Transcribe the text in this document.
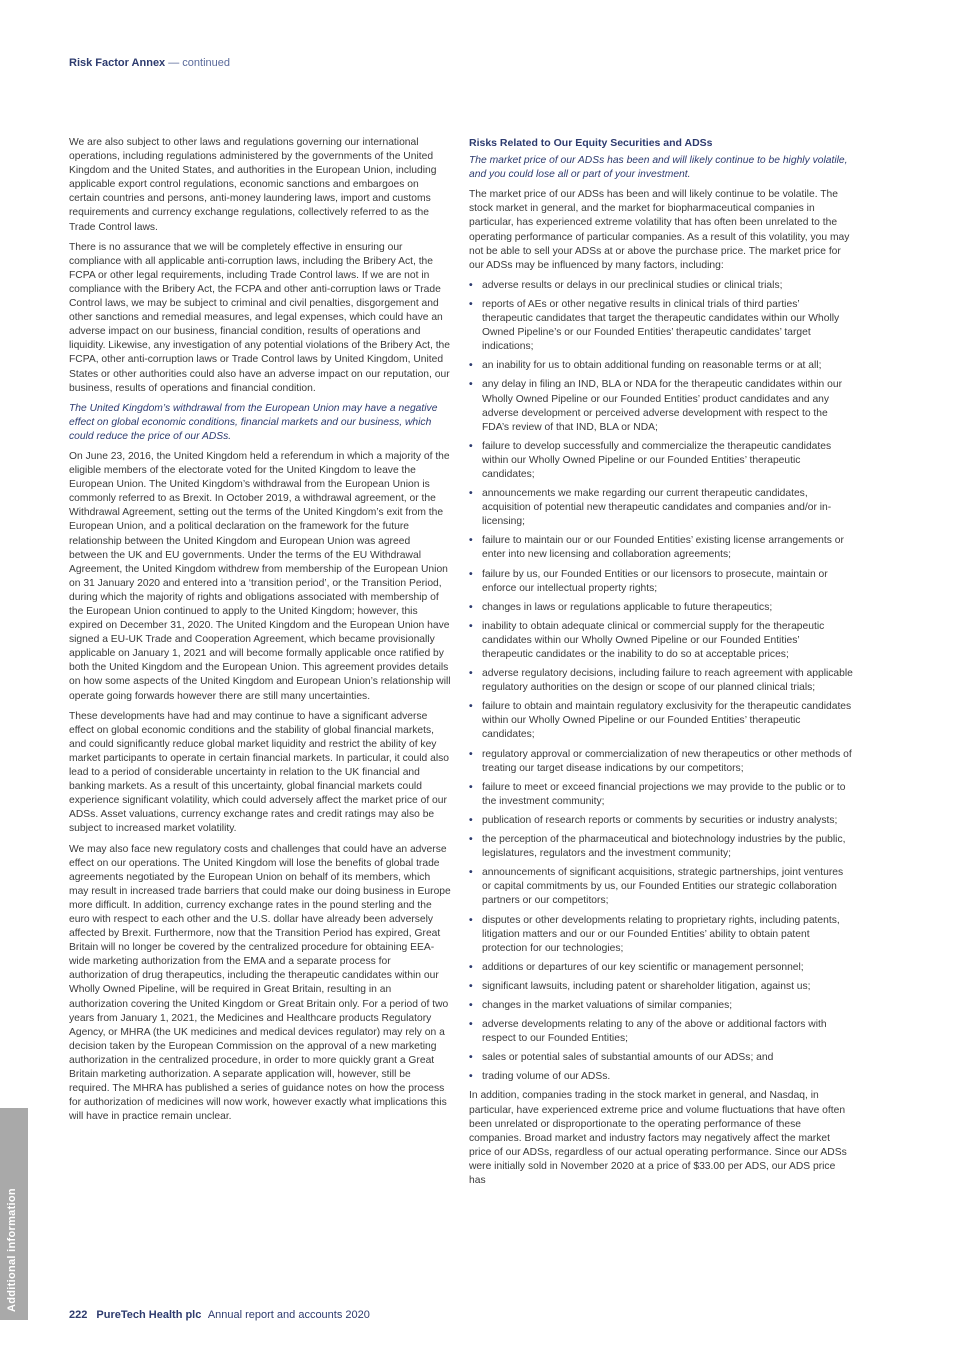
Risk Factor Annex — continued

We are also subject to other laws and regulations governing our international operations, including regulations administered by the governments of the United Kingdom and the United States, and authorities in the European Union, including applicable export control regulations, economic sanctions and embargoes on certain countries and persons, anti-money laundering laws, import and customs requirements and currency exchange regulations, collectively referred to as the Trade Control laws.

There is no assurance that we will be completely effective in ensuring our compliance with all applicable anti-corruption laws, including the Bribery Act, the FCPA or other legal requirements, including Trade Control laws. If we are not in compliance with the Bribery Act, the FCPA and other anti-corruption laws or Trade Control laws, we may be subject to criminal and civil penalties, disgorgement and other sanctions and remedial measures, and legal expenses, which could have an adverse impact on our business, financial condition, results of operations and liquidity. Likewise, any investigation of any potential violations of the Bribery Act, the FCPA, other anti-corruption laws or Trade Control laws by United Kingdom, United States or other authorities could also have an adverse impact on our reputation, our business, results of operations and financial condition.

The United Kingdom’s withdrawal from the European Union may have a negative effect on global economic conditions, financial markets and our business, which could reduce the price of our ADSs.

On June 23, 2016, the United Kingdom held a referendum in which a majority of the eligible members of the electorate voted for the United Kingdom to leave the European Union. The United Kingdom’s withdrawal from the European Union is commonly referred to as Brexit. In October 2019, a withdrawal agreement, or the Withdrawal Agreement, setting out the terms of the United Kingdom’s exit from the European Union, and a political declaration on the framework for the future relationship between the United Kingdom and European Union was agreed between the UK and EU governments. Under the terms of the EU Withdrawal Agreement, the United Kingdom withdrew from membership of the European Union on 31 January 2020 and entered into a ‘transition period’, or the Transition Period, during which the majority of rights and obligations associated with membership of the European Union continued to apply to the United Kingdom; however, this expired on December 31, 2020. The United Kingdom and the European Union have signed a EU-UK Trade and Cooperation Agreement, which became provisionally applicable on January 1, 2021 and will become formally applicable once ratified by both the United Kingdom and the European Union. This agreement provides details on how some aspects of the United Kingdom and European Union’s relationship will operate going forwards however there are still many uncertainties.

These developments have had and may continue to have a significant adverse effect on global economic conditions and the stability of global financial markets, and could significantly reduce global market liquidity and restrict the ability of key market participants to operate in certain financial markets. In particular, it could also lead to a period of considerable uncertainty in relation to the UK financial and banking markets. As a result of this uncertainty, global financial markets could experience significant volatility, which could adversely affect the market price of our ADSs. Asset valuations, currency exchange rates and credit ratings may also be subject to increased market volatility.

We may also face new regulatory costs and challenges that could have an adverse effect on our operations. The United Kingdom will lose the benefits of global trade agreements negotiated by the European Union on behalf of its members, which may result in increased trade barriers that could make our doing business in Europe more difficult. In addition, currency exchange rates in the pound sterling and the euro with respect to each other and the U.S. dollar have already been adversely affected by Brexit. Furthermore, now that the Transition Period has expired, Great Britain will no longer be covered by the centralized procedure for obtaining EEA-wide marketing authorization from the EMA and a separate process for authorization of drug therapeutics, including the therapeutic candidates within our Wholly Owned Pipeline, will be required in Great Britain, resulting in an authorization covering the United Kingdom or Great Britain only. For a period of two years from January 1, 2021, the Medicines and Healthcare products Regulatory Agency, or MHRA (the UK medicines and medical devices regulator) may rely on a decision taken by the European Commission on the approval of a new marketing authorization in the centralized procedure, in order to more quickly grant a Great Britain marketing authorization. A separate application will, however, still be required. The MHRA has published a series of guidance notes on how the process for authorization of medicines will now work, however exactly what implications this will have in practice remain unclear.

Risks Related to Our Equity Securities and ADSs

The market price of our ADSs has been and will likely continue to be highly volatile, and you could lose all or part of your investment.

The market price of our ADSs has been and will likely continue to be volatile. The stock market in general, and the market for biopharmaceutical companies in particular, has experienced extreme volatility that has often been unrelated to the operating performance of particular companies. As a result of this volatility, you may not be able to sell your ADSs at or above the purchase price. The market price for our ADSs may be influenced by many factors, including:

• adverse results or delays in our preclinical studies or clinical trials;
• reports of AEs or other negative results in clinical trials of third parties’ therapeutic candidates that target the therapeutic candidates within our Wholly Owned Pipeline’s or our Founded Entities’ therapeutic candidates’ target indications;
• an inability for us to obtain additional funding on reasonable terms or at all;
• any delay in filing an IND, BLA or NDA for the therapeutic candidates within our Wholly Owned Pipeline or our Founded Entities’ product candidates and any adverse development or perceived adverse development with respect to the FDA’s review of that IND, BLA or NDA;
• failure to develop successfully and commercialize the therapeutic candidates within our Wholly Owned Pipeline or our Founded Entities’ therapeutic candidates;
• announcements we make regarding our current therapeutic candidates, acquisition of potential new therapeutic candidates and companies and/or in-licensing;
• failure to maintain our or our Founded Entities’ existing license arrangements or enter into new licensing and collaboration agreements;
• failure by us, our Founded Entities or our licensors to prosecute, maintain or enforce our intellectual property rights;
• changes in laws or regulations applicable to future therapeutics;
• inability to obtain adequate clinical or commercial supply for the therapeutic candidates within our Wholly Owned Pipeline or our Founded Entities’ therapeutic candidates or the inability to do so at acceptable prices;
• adverse regulatory decisions, including failure to reach agreement with applicable regulatory authorities on the design or scope of our planned clinical trials;
• failure to obtain and maintain regulatory exclusivity for the therapeutic candidates within our Wholly Owned Pipeline or our Founded Entities’ therapeutic candidates;
• regulatory approval or commercialization of new therapeutics or other methods of treating our target disease indications by our competitors;
• failure to meet or exceed financial projections we may provide to the public or to the investment community;
• publication of research reports or comments by securities or industry analysts;
• the perception of the pharmaceutical and biotechnology industries by the public, legislatures, regulators and the investment community;
• announcements of significant acquisitions, strategic partnerships, joint ventures or capital commitments by us, our Founded Entities our strategic collaboration partners or our competitors;
• disputes or other developments relating to proprietary rights, including patents, litigation matters and our or our Founded Entities’ ability to obtain patent protection for our technologies;
• additions or departures of our key scientific or management personnel;
• significant lawsuits, including patent or shareholder litigation, against us;
• changes in the market valuations of similar companies;
• adverse developments relating to any of the above or additional factors with respect to our Founded Entities;
• sales or potential sales of substantial amounts of our ADSs; and
• trading volume of our ADSs.

In addition, companies trading in the stock market in general, and Nasdaq, in particular, have experienced extreme price and volume fluctuations that have often been unrelated or disproportionate to the operating performance of these companies. Broad market and industry factors may negatively affect the market price of our ADSs, regardless of our actual operating performance. Since our ADSs were initially sold in November 2020 at a price of $33.00 per ADS, our ADS price has

Additional information
222 PureTech Health plc Annual report and accounts 2020
